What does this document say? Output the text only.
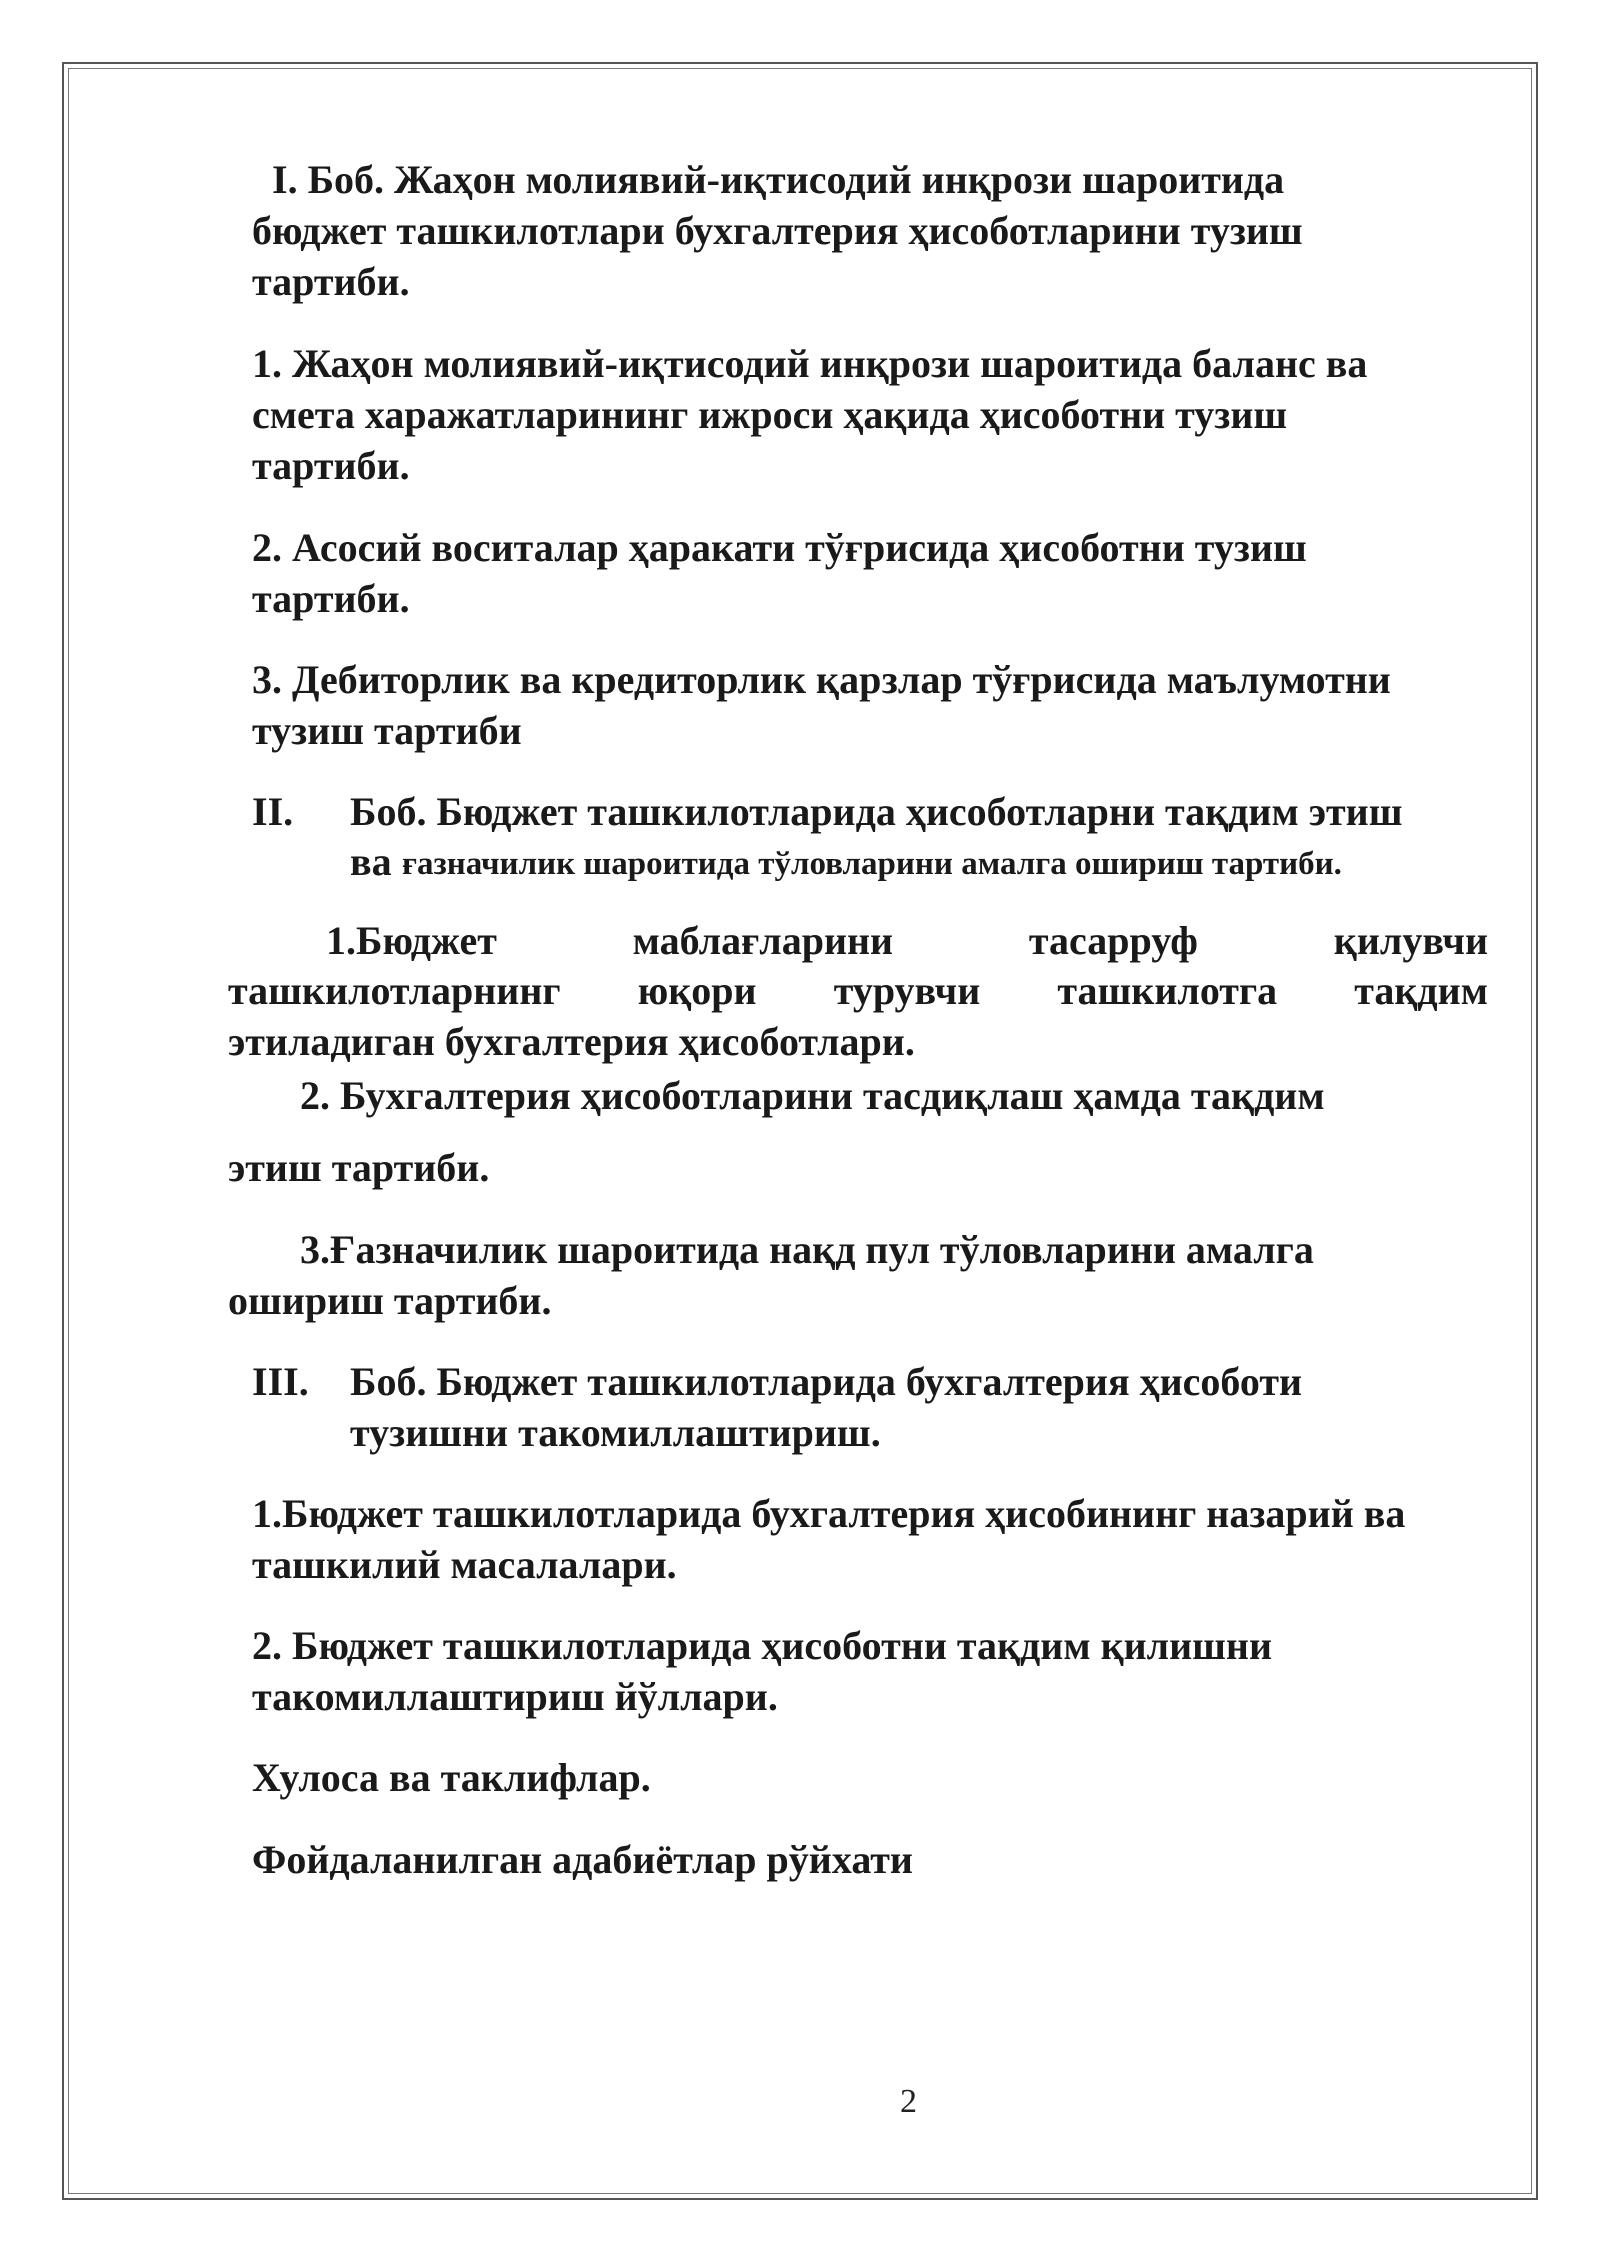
I. Боб. Жаҳон молиявий-иқтисодий инқрози шароитида

бюджет ташкилотлари бухгалтерия ҳисоботларини тузиш

тартиби.

1. Жаҳон молиявий-иқтисодий инқрози шароитида баланс ва

смета харажатларининг ижроси ҳақида ҳисоботни тузиш

тартиби.

2. Асосий воситалар ҳаракати тўғрисида ҳисоботни тузиш

тартиби.

3. Дебиторлик ва кредиторлик қарзлар тўғрисида маълумотни

тузиш тартиби

II. Боб. Бюджет ташкилотларида ҳисоботларни тақдим этиш

ва ғазначилик шароитида тўловларини амалга ошириш тартиби.

1.Бюджет	маблағларини	тасарруф	қилувчи
ташкилотларнинг юқори турувчи ташкилотга тақдим

этиладиган бухгалтерия ҳисоботлари.

2. Бухгалтерия ҳисоботларини тасдиқлаш ҳамда тақдим

этиш тартиби.

3.Ғазначилик шароитида нақд пул тўловларини амалга

ошириш тартиби.

III. Боб. Бюджет ташкилотларида бухгалтерия ҳисоботи

тузишни такомиллаштириш.

1.Бюджет ташкилотларида бухгалтерия ҳисобининг назарий ва

ташкилий масалалари.

2. Бюджет ташкилотларида ҳисоботни тақдим қилишни

такомиллаштириш йўллари.

Хулоса ва таклифлар.

Фойдаланилган адабиётлар рўйхати

2
